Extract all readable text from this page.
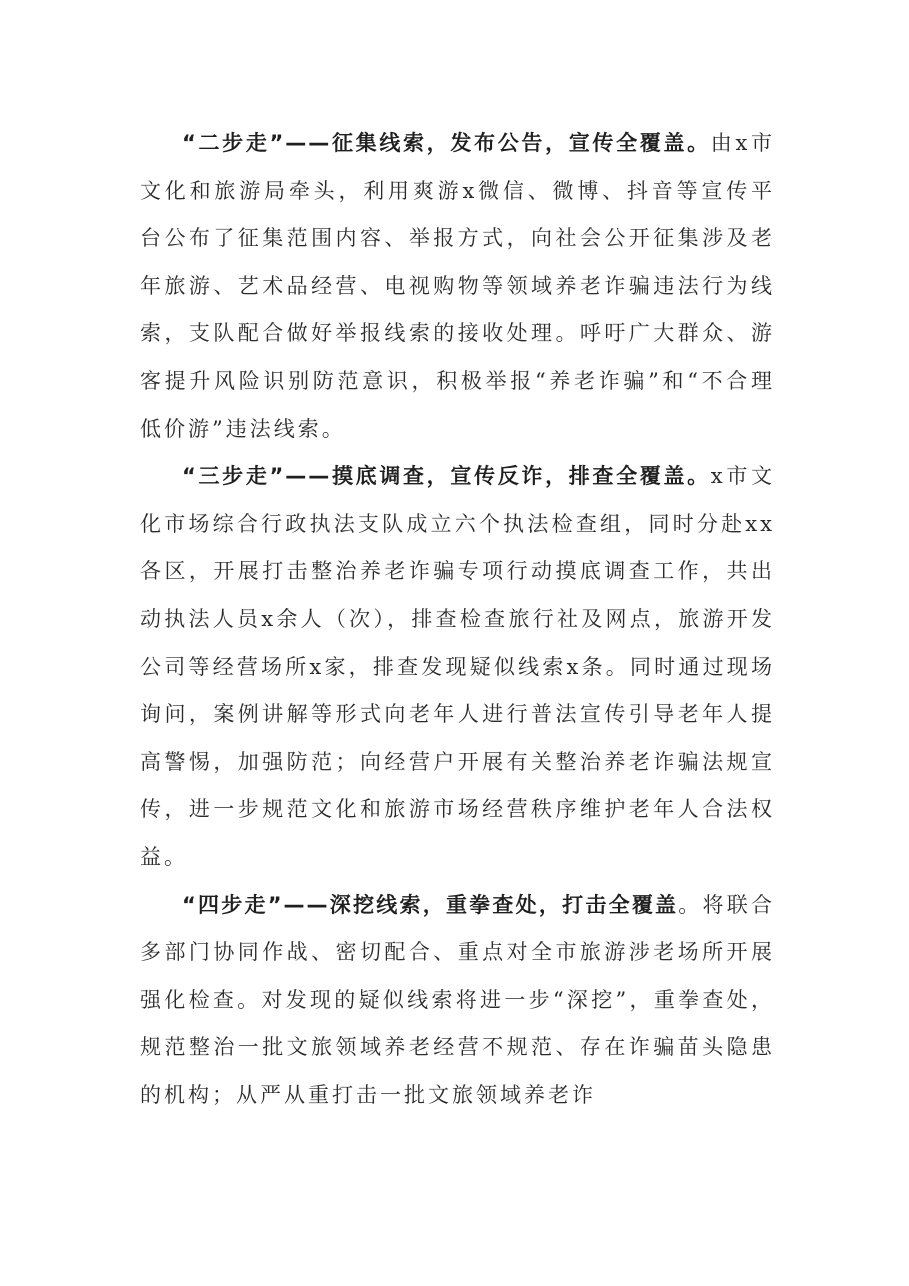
“二步走”——征集线索，发布公告，宣传全覆盖。由x市文化和旅游局牵头，利用爽游x微信、微博、抖音等宣传平台公布了征集范围内容、举报方式，向社会公开征集涉及老年旅游、艺术品经营、电视购物等领域养老诈骗违法行为线索，支队配合做好举报线索的接收处理。呼吁广大群众、游客提升风险识别防范意识，积极举报“养老诈骗”和“不合理低价游”违法线索。

“三步走”——摸底调查，宣传反诈，排查全覆盖。x市文化市场综合行政执法支队成立六个执法检查组，同时分赴xx各区，开展打击整治养老诈骗专项行动摸底调查工作，共出动执法人员x余人（次），排查检查旅行社及网点，旅游开发公司等经营场所x家，排查发现疑似线索x条。同时通过现场询问，案例讲解等形式向老年人进行普法宣传引导老年人提高警惕，加强防范；向经营户开展有关整治养老诈骗法规宣传，进一步规范文化和旅游市场经营秩序维护老年人合法权益。

“四步走”——深挖线索，重拳查处，打击全覆盖。将联合多部门协同作战、密切配合、重点对全市旅游涉老场所开展强化检查。对发现的疑似线索将进一步“深挖”，重拳查处，规范整治一批文旅领域养老经营不规范、存在诈骗苗头隐患的机构；从严从重打击一批文旅领域养老诈
